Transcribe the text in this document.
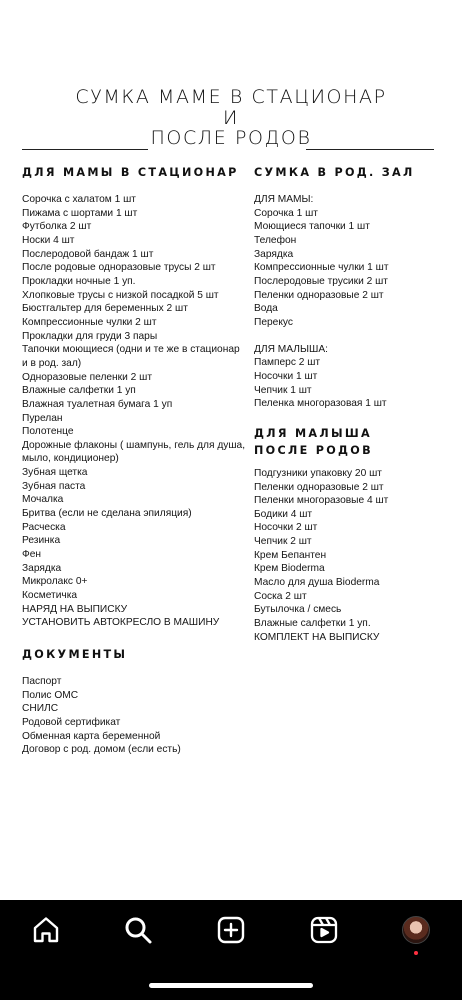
СУМКА МАМЕ В СТАЦИОНАР
И
ПОСЛЕ РОДОВ
ДЛЯ МАМЫ В СТАЦИОНАР
Сорочка с халатом 1 шт
Пижама с шортами 1 шт
Футболка 2 шт
Носки 4 шт
Послеродовой бандаж 1 шт
После родовые одноразовые трусы 2 шт
Прокладки ночные 1 уп.
Хлопковые трусы с низкой посадкой 5 шт
Бюстгальтер для беременных 2 шт
Компрессионные чулки 2 шт
Прокладки для груди 3 пары
Тапочки моющиеся (одни и те же в стационар
и в род. зал)
Одноразовые пеленки 2 шт
Влажные салфетки 1 уп
Влажная туалетная бумага 1 уп
Пурелан
Полотенце
Дорожные флаконы ( шампунь, гель для душа,
мыло, кондиционер)
Зубная щетка
Зубная паста
Мочалка
Бритва (если не сделана эпиляция)
Расческа
Резинка
Фен
Зарядка
Микролакс 0+
Косметичка
НАРЯД НА ВЫПИСКУ
УСТАНОВИТЬ АВТОКРЕСЛО В МАШИНУ
ДОКУМЕНТЫ
Паспорт
Полис ОМС
СНИЛС
Родовой сертификат
Обменная карта беременной
Договор с род. домом (если есть)
СУМКА В РОД. ЗАЛ
ДЛЯ МАМЫ:
Сорочка 1 шт
Моющиеся тапочки 1 шт
Телефон
Зарядка
Компрессионные чулки 1 шт
Послеродовые трусики 2 шт
Пеленки одноразовые 2 шт
Вода
Перекус
ДЛЯ МАЛЫША:
Памперс 2 шт
Носочки 1 шт
Чепчик 1 шт
Пеленка многоразовая 1 шт
ДЛЯ МАЛЫША
ПОСЛЕ РОДОВ
Подгузники упаковку 20 шт
Пеленки одноразовые 2 шт
Пеленки многоразовые 4 шт
Бодики 4 шт
Носочки 2 шт
Чепчик 2 шт
Крем Бепантен
Крем Bioderma
Масло для душа Bioderma
Соска 2 шт
Бутылочка / смесь
Влажные салфетки 1 уп.
КОМПЛЕКТ НА ВЫПИСКУ
